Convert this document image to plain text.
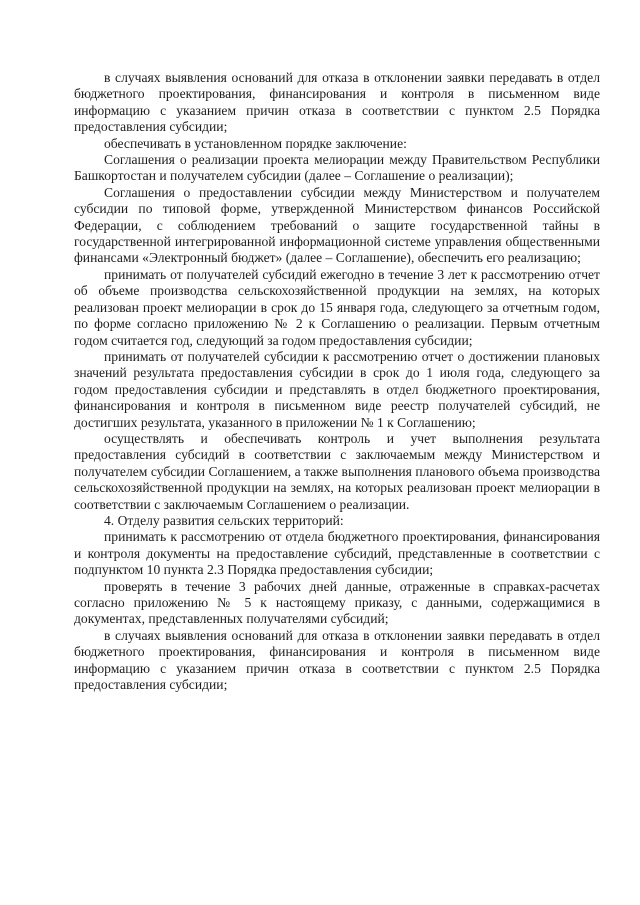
в случаях выявления оснований для отказа в отклонении заявки передавать в отдел бюджетного проектирования, финансирования и контроля в письменном виде информацию с указанием причин отказа в соответствии с пунктом 2.5 Порядка предоставления субсидии;

обеспечивать в установленном порядке заключение:

Соглашения о реализации проекта мелиорации между Правительством Республики Башкортостан и получателем субсидии (далее – Соглашение о реализации);

Соглашения о предоставлении субсидии между Министерством и получателем субсидии по типовой форме, утвержденной Министерством финансов Российской Федерации, с соблюдением требований о защите государственной тайны в государственной интегрированной информационной системе управления общественными финансами «Электронный бюджет» (далее – Соглашение), обеспечить его реализацию;

принимать от получателей субсидий ежегодно в течение 3 лет к рассмотрению отчет об объеме производства сельскохозяйственной продукции на землях, на которых реализован проект мелиорации в срок до 15 января года, следующего за отчетным годом, по форме согласно приложению № 2 к Соглашению о реализации. Первым отчетным годом считается год, следующий за годом предоставления субсидии;

принимать от получателей субсидии к рассмотрению отчет о достижении плановых значений результата предоставления субсидии в срок до 1 июля года, следующего за годом предоставления субсидии и представлять в отдел бюджетного проектирования, финансирования и контроля в письменном виде реестр получателей субсидий, не достигших результата, указанного в приложении № 1 к Соглашению;

осуществлять и обеспечивать контроль и учет выполнения результата предоставления субсидий в соответствии с заключаемым между Министерством и получателем субсидии Соглашением, а также выполнения планового объема производства сельскохозяйственной продукции на землях, на которых реализован проект мелиорации в соответствии с заключаемым Соглашением о реализации.

4. Отделу развития сельских территорий:

принимать к рассмотрению от отдела бюджетного проектирования, финансирования и контроля документы на предоставление субсидий, представленные в соответствии с подпунктом 10 пункта 2.3 Порядка предоставления субсидии;

проверять в течение 3 рабочих дней данные, отраженные в справках-расчетах согласно приложению № 5 к настоящему приказу, с данными, содержащимися в документах, представленных получателями субсидий;

в случаях выявления оснований для отказа в отклонении заявки передавать в отдел бюджетного проектирования, финансирования и контроля в письменном виде информацию с указанием причин отказа в соответствии с пунктом 2.5 Порядка предоставления субсидии;
